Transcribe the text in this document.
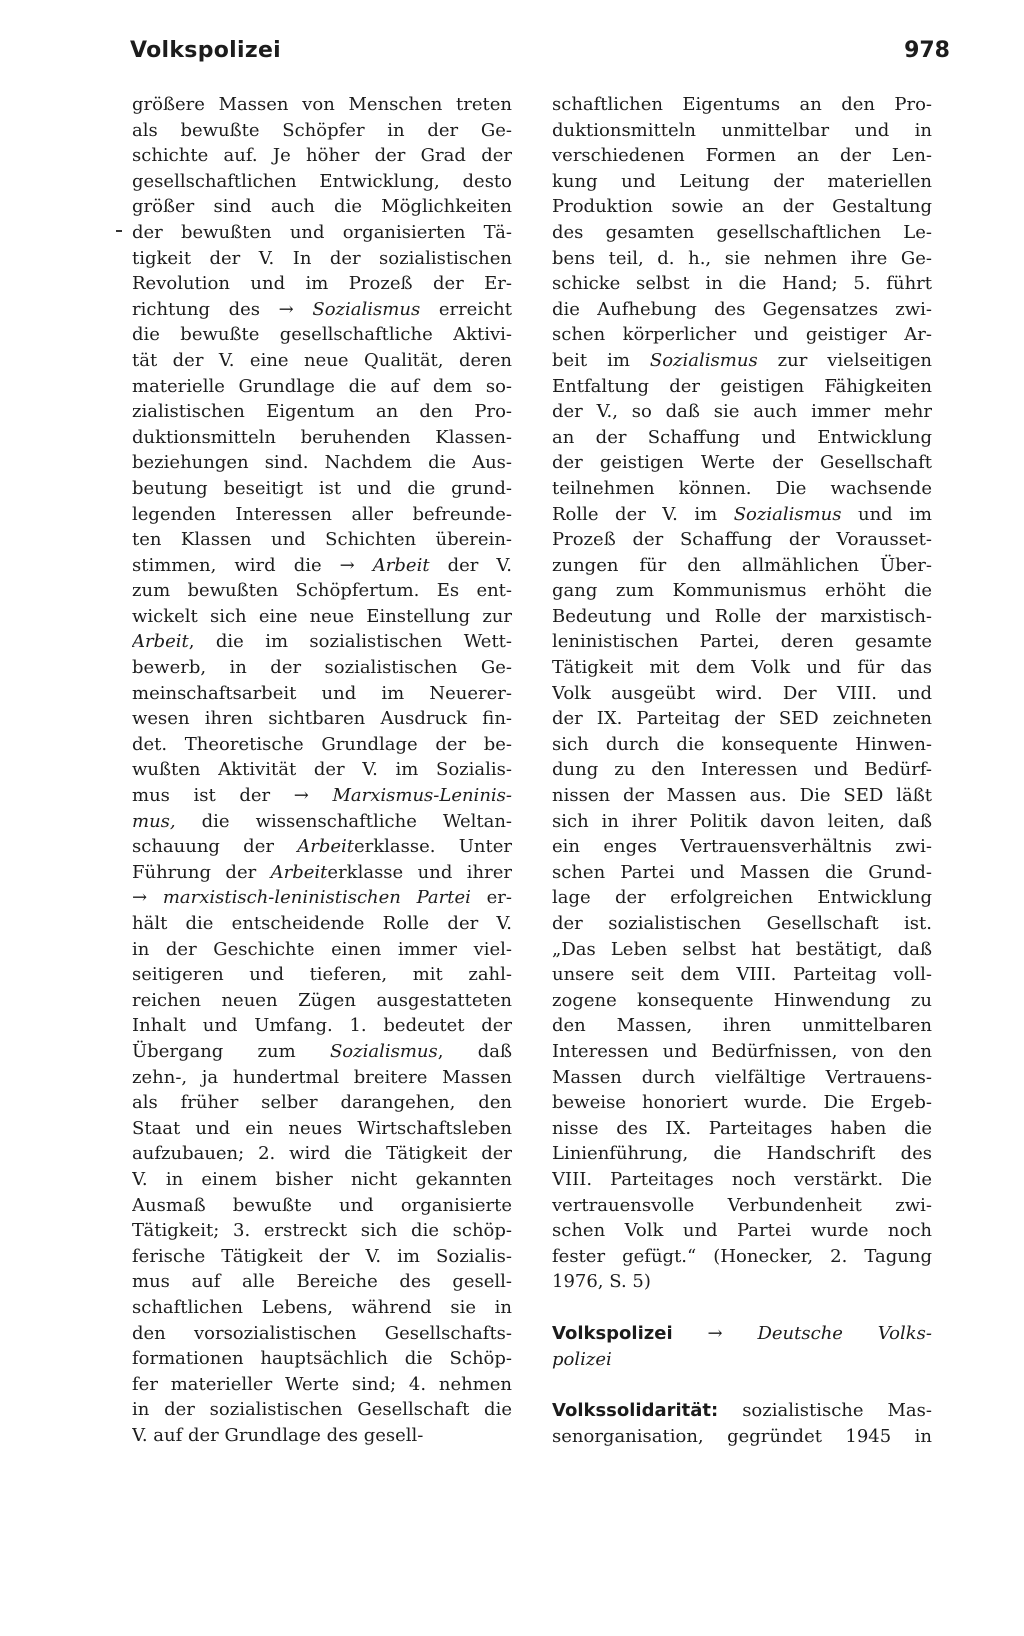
Volkspolizei	978
größere Massen von Menschen treten
als bewußte Schöpfer in der Ge-
schichte auf. Je höher der Grad der
gesellschaftlichen Entwicklung, desto
größer sind auch die Möglichkeiten
der bewußten und organisierten Tä-
tigkeit der V. In der sozialistischen
Revolution und im Prozeß der Er-
richtung des → Sozialismus erreicht
die bewußte gesellschaftliche Aktivi-
tät der V. eine neue Qualität, deren
materielle Grundlage die auf dem so-
zialistischen Eigentum an den Pro-
duktionsmitteln beruhenden Klassen-
beziehungen sind. Nachdem die Aus-
beutung beseitigt ist und die grund-
legenden Interessen aller befreunde-
ten Klassen und Schichten überein-
stimmen, wird die → Arbeit der V.
zum bewußten Schöpfertum. Es ent-
wickelt sich eine neue Einstellung zur
Arbeit, die im sozialistischen Wett-
bewerb, in der sozialistischen Ge-
meinschaftsarbeit und im Neuerer-
wesen ihren sichtbaren Ausdruck fin-
det. Theoretische Grundlage der be-
wußten Aktivität der V. im Sozialis-
mus ist der → Marxismus-Leninis-
mus, die wissenschaftliche Weltan-
schauung der Arbeiterklasse. Unter
Führung der Arbeiterklasse und ihrer
→ marxistisch-leninistischen Partei er-
hält die entscheidende Rolle der V.
in der Geschichte einen immer viel-
seitigeren und tieferen, mit zahl-
reichen neuen Zügen ausgestatteten
Inhalt und Umfang. 1. bedeutet der
Übergang zum Sozialismus, daß
zehn-, ja hundertmal breitere Massen
als früher selber darangehen, den
Staat und ein neues Wirtschaftsleben
aufzubauen; 2. wird die Tätigkeit der
V. in einem bisher nicht gekannten
Ausmaß bewußte und organisierte
Tätigkeit; 3. erstreckt sich die schöp-
ferische Tätigkeit der V. im Sozialis-
mus auf alle Bereiche des gesell-
schaftlichen Lebens, während sie in
den vorsozialistischen Gesellschafts-
formationen hauptsächlich die Schöp-
fer materieller Werte sind; 4. nehmen
in der sozialistischen Gesellschaft die
V. auf der Grundlage des gesell-
schaftlichen Eigentums an den Pro-
duktionsmitteln unmittelbar und in
verschiedenen Formen an der Len-
kung und Leitung der materiellen
Produktion sowie an der Gestaltung
des gesamten gesellschaftlichen Le-
bens teil, d. h., sie nehmen ihre Ge-
schicke selbst in die Hand; 5. führt
die Aufhebung des Gegensatzes zwi-
schen körperlicher und geistiger Ar-
beit im Sozialismus zur vielseitigen
Entfaltung der geistigen Fähigkeiten
der V., so daß sie auch immer mehr
an der Schaffung und Entwicklung
der geistigen Werte der Gesellschaft
teilnehmen können. Die wachsende
Rolle der V. im Sozialismus und im
Prozeß der Schaffung der Vorausset-
zungen für den allmählichen Über-
gang zum Kommunismus erhöht die
Bedeutung und Rolle der marxistisch-
leninistischen Partei, deren gesamte
Tätigkeit mit dem Volk und für das
Volk ausgeübt wird. Der VIII. und
der IX. Parteitag der SED zeichneten
sich durch die konsequente Hinwen-
dung zu den Interessen und Bedürf-
nissen der Massen aus. Die SED läßt
sich in ihrer Politik davon leiten, daß
ein enges Vertrauensverhältnis zwi-
schen Partei und Massen die Grund-
lage der erfolgreichen Entwicklung
der sozialistischen Gesellschaft ist.
„Das Leben selbst hat bestätigt, daß
unsere seit dem VIII. Parteitag voll-
zogene konsequente Hinwendung zu
den Massen, ihren unmittelbaren
Interessen und Bedürfnissen, von den
Massen durch vielfältige Vertrauens-
beweise honoriert wurde. Die Ergeb-
nisse des IX. Parteitages haben die
Linienführung, die Handschrift des
VIII. Parteitages noch verstärkt. Die
vertrauensvolle Verbundenheit zwi-
schen Volk und Partei wurde noch
fester gefügt.“ (Honecker, 2. Tagung
1976, S. 5)
Volkspolizei → Deutsche Volks-
polizei
Volkssolidarität: sozialistische Mas-
senorganisation, gegründet 1945 in
